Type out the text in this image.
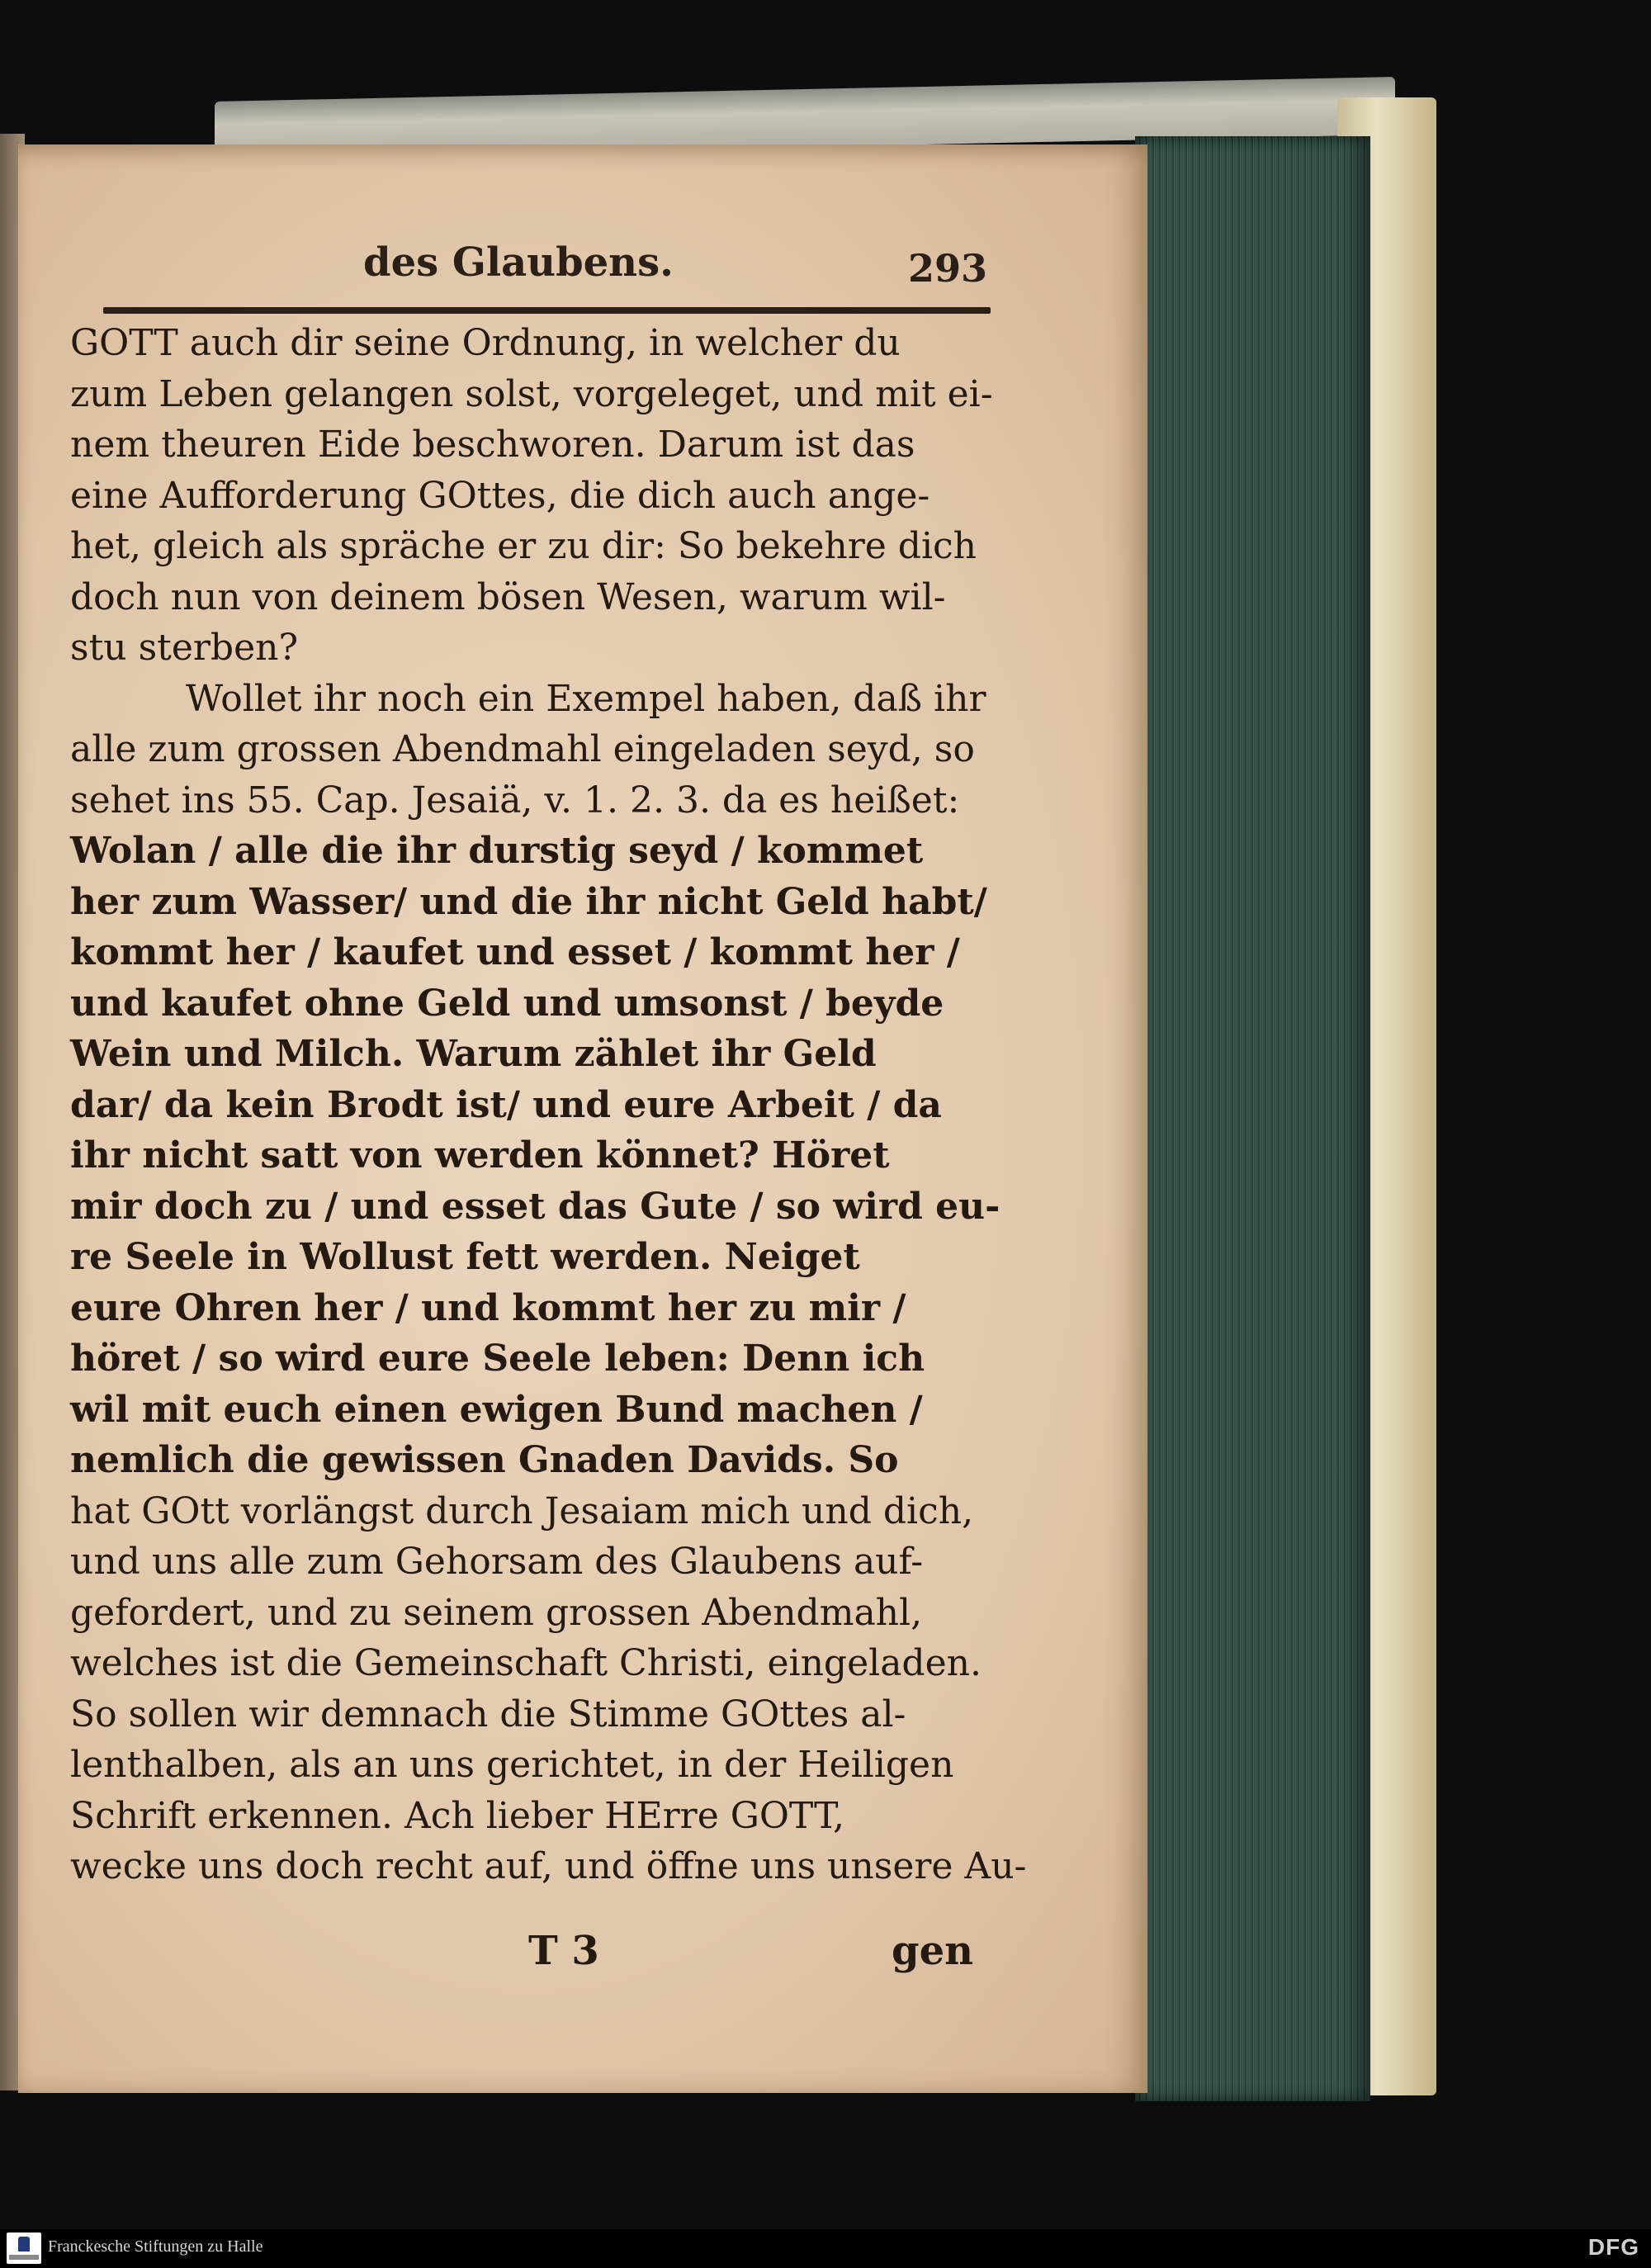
des Glaubens.	293
GOTT auch dir seine Ordnung, in welcher du
zum Leben gelangen solst, vorgeleget, und mit ei-
nem theuren Eide beschworen. Darum ist das
eine Aufforderung GOttes, die dich auch ange-
het, gleich als spräche er zu dir: So bekehre dich
doch nun von deinem bösen Wesen, warum wil-
stu sterben?
Wollet ihr noch ein Exempel haben, daß ihr
alle zum grossen Abendmahl eingeladen seyd, so
sehet ins 55. Cap. Jesaiä, v. 1. 2. 3. da es heißet:
Wolan / alle die ihr durstig seyd / kommet
her zum Wasser/ und die ihr nicht Geld habt/
kommt her / kaufet und esset / kommt her /
und kaufet ohne Geld und umsonst / beyde
Wein und Milch. Warum zählet ihr Geld
dar/ da kein Brodt ist/ und eure Arbeit / da
ihr nicht satt von werden könnet? Höret
mir doch zu / und esset das Gute / so wird eu-
re Seele in Wollust fett werden. Neiget
eure Ohren her / und kommt her zu mir /
höret / so wird eure Seele leben: Denn ich
wil mit euch einen ewigen Bund machen /
nemlich die gewissen Gnaden Davids. So
hat GOtt vorlängst durch Jesaiam mich und dich,
und uns alle zum Gehorsam des Glaubens auf-
gefordert, und zu seinem grossen Abendmahl,
welches ist die Gemeinschaft Christi, eingeladen.
So sollen wir demnach die Stimme GOttes al-
lenthalben, als an uns gerichtet, in der Heiligen
Schrift erkennen. Ach lieber HErre GOTT,
wecke uns doch recht auf, und öffne uns unsere Au-
T 3	gen
Franckesche Stiftungen zu Halle	DFG
